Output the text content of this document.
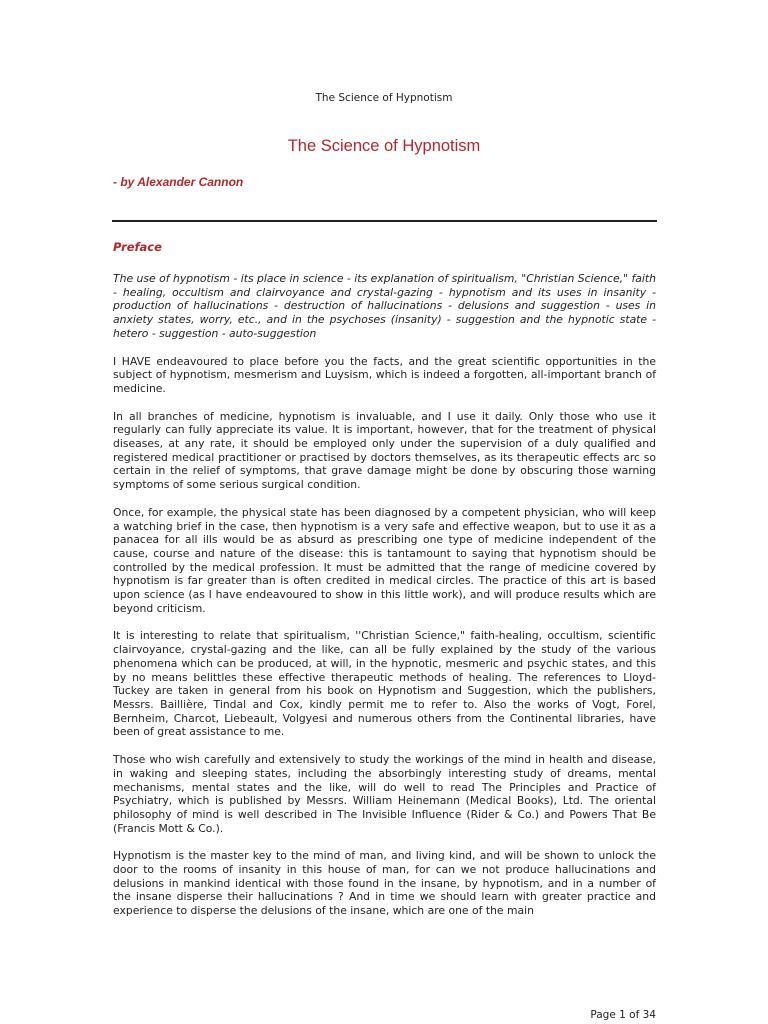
The Science of Hypnotism
The Science of Hypnotism
- by Alexander Cannon
Preface

The use of hypnotism - its place in science - its explanation of spiritualism, "Christian Science," faith - healing, occultism and clairvoyance and crystal-gazing - hypnotism and its uses in insanity - production of hallucinations - destruction of hallucinations - delusions and suggestion - uses in anxiety states, worry, etc., and in the psychoses (insanity) - suggestion and the hypnotic state - hetero - suggestion - auto-suggestion

I HAVE endeavoured to place before you the facts, and the great scientific opportunities in the subject of hypnotism, mesmerism and Luysism, which is indeed a forgotten, all-important branch of medicine.

In all branches of medicine, hypnotism is invaluable, and I use it daily. Only those who use it regularly can fully appreciate its value. It is important, however, that for the treatment of physical diseases, at any rate, it should be employed only under the supervision of a duly qualified and registered medical practitioner or practised by doctors themselves, as its therapeutic effects arc so certain in the relief of symptoms, that grave damage might be done by obscuring those warning symptoms of some serious surgical condition.

Once, for example, the physical state has been diagnosed by a competent physician, who will keep a watching brief in the case, then hypnotism is a very safe and effective weapon, but to use it as a panacea for all ills would be as absurd as prescribing one type of medicine independent of the cause, course and nature of the disease: this is tantamount to saying that hypnotism should be controlled by the medical profession. It must be admitted that the range of medicine covered by hypnotism is far greater than is often credited in medical circles. The practice of this art is based upon science (as I have endeavoured to show in this little work), and will produce results which are beyond criticism.

It is interesting to relate that spiritualism, ''Christian Science," faith-healing, occultism, scientific clairvoyance, crystal-gazing and the like, can all be fully explained by the study of the various phenomena which can be produced, at will, in the hypnotic, mesmeric and psychic states, and this by no means belittles these effective therapeutic methods of healing. The references to Lloyd-Tuckey are taken in general from his book on Hypnotism and Suggestion, which the publishers, Messrs. Baillière, Tindal and Cox, kindly permit me to refer to. Also the works of Vogt, Forel, Bernheim, Charcot, Liebeault, Volgyesi and numerous others from the Continental libraries, have been of great assistance to me.

Those who wish carefully and extensively to study the workings of the mind in health and disease, in waking and sleeping states, including the absorbingly interesting study of dreams, mental mechanisms, mental states and the like, will do well to read The Principles and Practice of Psychiatry, which is published by Messrs. William Heinemann (Medical Books), Ltd. The oriental philosophy of mind is well described in The Invisible Influence (Rider & Co.) and Powers That Be (Francis Mott & Co.).

Hypnotism is the master key to the mind of man, and living kind, and will be shown to unlock the door to the rooms of insanity in this house of man, for can we not produce hallucinations and delusions in mankind identical with those found in the insane, by hypnotism, and in a number of the insane disperse their hallucinations ? And in time we should learn with greater practice and experience to disperse the delusions of the insane, which are one of the main

Page 1 of 34
